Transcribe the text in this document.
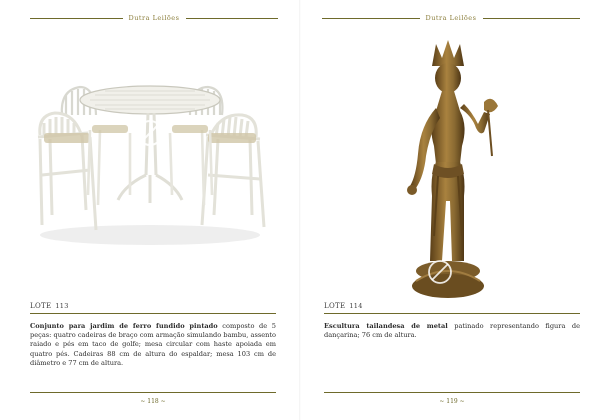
Dutra Leilões
LOTE 113
Conjunto para jardim de ferro fundido pintado composto de 5 peças: quatro cadeiras de braço com armação simulando bambu, assento raiado e pés em taco de golfe; mesa circular com haste apoiada em quatro pés. Cadeiras 88 cm de altura do espaldar; mesa 103 cm de diâmetro e 77 cm de altura.
~ 118 ~
Dutra Leilões
LOTE 114
Escultura tailandesa de metal patinado representando figura de dançarina; 76 cm de altura.
~ 119 ~
